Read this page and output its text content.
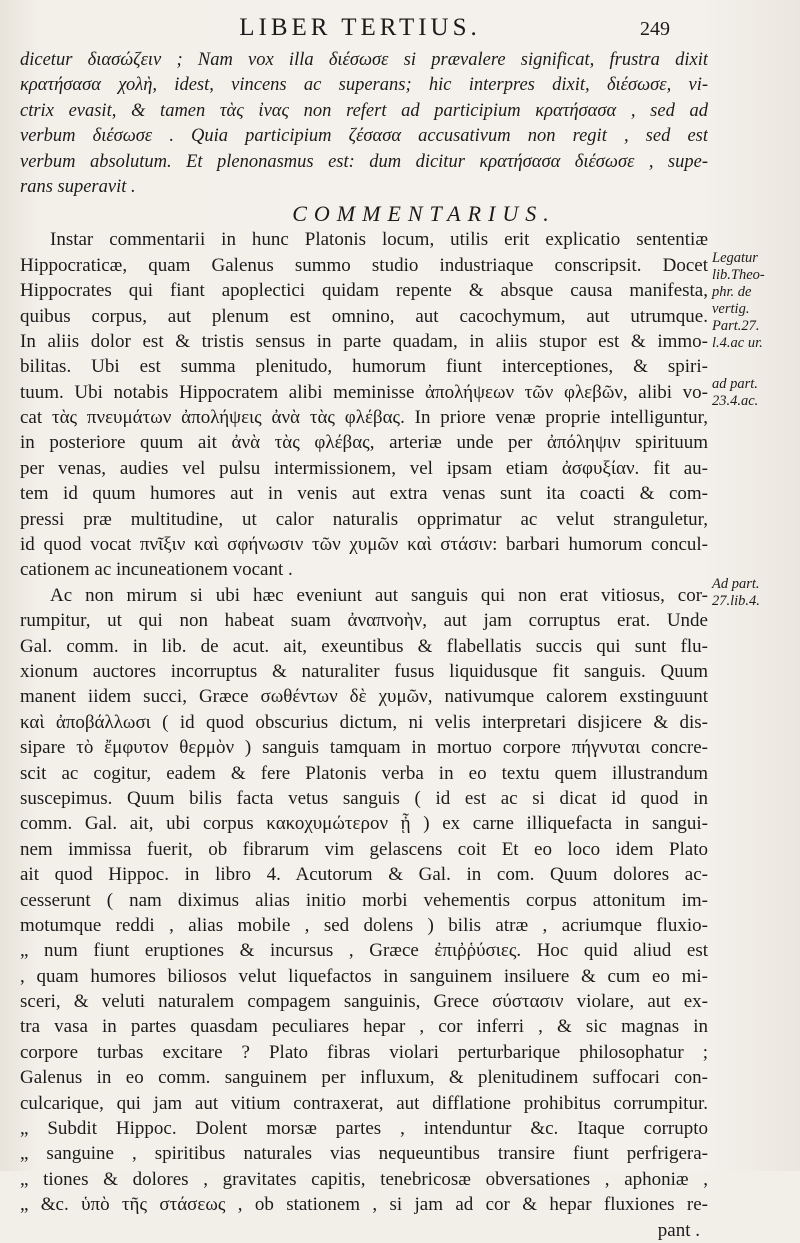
LIBER TERTIUS.	249
dicetur διασώζειν ; Nam vox illa διέσωσε si prævalere significat, frustra dixit
κρατήσασα χολὴ, idest, vincens ac superans; hic interpres dixit, διέσωσε, vi-
ctrix evasit, & tamen τὰς ἰνας non refert ad participium κρατήσασα , sed ad
verbum διέσωσε . Quia participium ζέσασα accusativum non regit , sed est
verbum absolutum. Et plenonasmus est: dum dicitur κρατήσασα διέσωσε , supe-
rans superavit .
COMMENTARIUS.
Instar commentarii in hunc Platonis locum, utilis erit explicatio sententiæ
Hippocraticæ, quam Galenus summo studio industriaque conscripsit. Docet
Hippocrates qui fiant apoplectici quidam repente & absque causa manifesta,
quibus corpus, aut plenum est omnino, aut cacochymum, aut utrumque.
In aliis dolor est & tristis sensus in parte quadam, in aliis stupor est & immo-
bilitas. Ubi est summa plenitudo, humorum fiunt interceptiones, & spiri-
tuum. Ubi notabis Hippocratem alibi meminisse ἀπολήψεων τῶν φλεβῶν, alibi vo-
cat τὰς πνευμάτων ἀπολήψεις ἀνὰ τὰς φλέβας. In priore venæ proprie intelliguntur,
in posteriore quum ait ἀνὰ τὰς φλέβας, arteriæ unde per ἀπόληψιν spirituum
per venas, audies vel pulsu intermissionem, vel ipsam etiam ἀσφυξίαν. fit au-
tem id quum humores aut in venis aut extra venas sunt ita coacti & com-
pressi præ multitudine, ut calor naturalis opprimatur ac velut stranguletur,
id quod vocat πνῖξιν καὶ σφήνωσιν τῶν χυμῶν καὶ στάσιν: barbari humorum concul-
cationem ac incuneationem vocant .
Ac non mirum si ubi hæc eveniunt aut sanguis qui non erat vitiosus, cor-
rumpitur, ut qui non habeat suam ἀναπνοὴν, aut jam corruptus erat. Unde
Gal. comm. in lib. de acut. ait, exeuntibus & flabellatis succis qui sunt flu-
xionum auctores incorruptus & naturaliter fusus liquidusque fit sanguis. Quum
manent iidem succi, Græce σωθέντων δὲ χυμῶν, nativumque calorem exstinguunt
καὶ ἀποβάλλωσι ( id quod obscurius dictum, ni velis interpretari disjicere & dis-
sipare τὸ ἔμφυτον θερμὸν ) sanguis tamquam in mortuo corpore πήγνυται concre-
scit ac cogitur, eadem & fere Platonis verba in eo textu quem illustrandum
suscepimus. Quum bilis facta vetus sanguis ( id est ac si dicat id quod in
comm. Gal. ait, ubi corpus κακοχυμώτερον ᾖ ) ex carne illiquefacta in sangui-
nem immissa fuerit, ob fibrarum vim gelascens coit Et eo loco idem Plato
ait quod Hippoc. in libro 4. Acutorum & Gal. in com. Quum dolores ac-
cesserunt ( nam diximus alias initio morbi vehementis corpus attonitum im-
motumque reddi , alias mobile , sed dolens ) bilis atræ , acriumque fluxio-
„ num fiunt eruptiones & incursus , Græce ἐπιῤῥύσιες. Hoc quid aliud est
, quam humores biliosos velut liquefactos in sanguinem insiluere & cum eo mi-
sceri, & veluti naturalem compagem sanguinis, Grece σύστασιν violare, aut ex-
tra vasa in partes quasdam peculiares hepar , cor inferri , & sic magnas in
corpore turbas excitare ? Plato fibras violari perturbarique philosophatur ;
Galenus in eo comm. sanguinem per influxum, & plenitudinem suffocari con-
culcarique, qui jam aut vitium contraxerat, aut difflatione prohibitus corrumpitur.
„ Subdit Hippoc. Dolent morsæ partes , intenduntur &c. Itaque corrupto
„ sanguine , spiritibus naturales vias nequeuntibus transire fiunt perfrigera-
„ tiones & dolores , gravitates capitis, tenebricosæ obversationes , aphoniæ ,
„ &c. ὑπὸ τῆς στάσεως , ob stationem , si jam ad cor & hepar fluxiones re-
pant .
Legatur
lib.Theo-
phr. de
vertig.
Part.27.
l.4.ac ur.
ad part.
23.4.ac.
Ad part.
27.lib.4.
